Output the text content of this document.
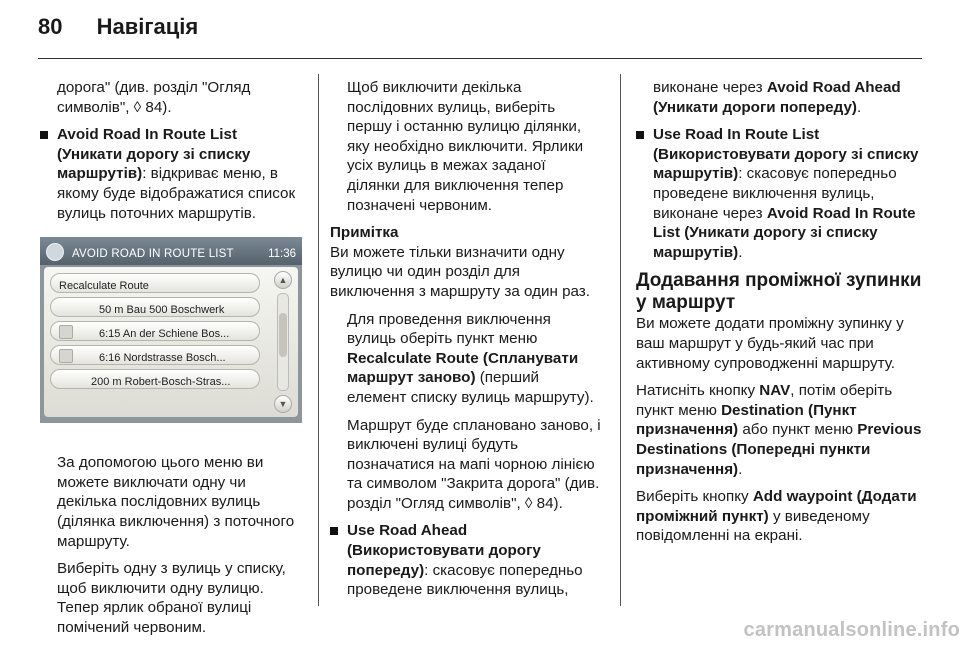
80 Навігація

дорога" (див. розділ "Огляд символів", ◊ 84).

Avoid Road In Route List (Уникати дорогу зі списку маршрутів): відкриває меню, в якому буде відображатися список вулиць поточних маршрутів.
AVOID ROAD IN ROUTE LIST	11:36
Recalculate Route
50 m Bau 500 Boschwerk
6:15 An der Schiene Bos...
6:16 Nordstrasse Bosch...
200 m Robert-Bosch-Stras...
▲
▼

За допомогою цього меню ви можете виключати одну чи декілька послідовних вулиць (ділянка виключення) з поточного маршруту.

Виберіть одну з вулиць у списку, щоб виключити одну вулицю. Тепер ярлик обраної вулиці помічений червоним.

Щоб виключити декілька послідовних вулиць, виберіть першу і останню вулицю ділянки, яку необхідно виключити. Ярлики усіх вулиць в межах заданої ділянки для виключення тепер позначені червоним.

Примітка

Ви можете тільки визначити одну вулицю чи один розділ для виключення з маршруту за один раз.

Для проведення виключення вулиць оберіть пункт меню Recalculate Route (Спланувати маршрут заново) (перший елемент списку вулиць маршруту).

Маршрут буде сплановано заново, і виключені вулиці будуть позначатися на мапі чорною лінією та символом "Закрита дорога" (див. розділ "Огляд символів", ◊ 84).

Use Road Ahead (Використовувати дорогу попереду): скасовує попередньо проведене виключення вулиць,

виконане через Avoid Road Ahead (Уникати дороги попереду).

Use Road In Route List (Використовувати дорогу зі списку маршрутів): скасовує попередньо проведене виключення вулиць, виконане через Avoid Road In Route List (Уникати дорогу зі списку маршрутів).
Додавання проміжної зупинки у маршрут

Ви можете додати проміжну зупинку у ваш маршрут у будь-який час при активному супроводженні маршруту.

Натисніть кнопку NAV, потім оберіть пункт меню Destination (Пункт призначення) або пункт меню Previous Destinations (Попередні пункти призначення).

Виберіть кнопку Add waypoint (Додати проміжний пункт) у виведеному повідомленні на екрані.

carmanualsonline.info
